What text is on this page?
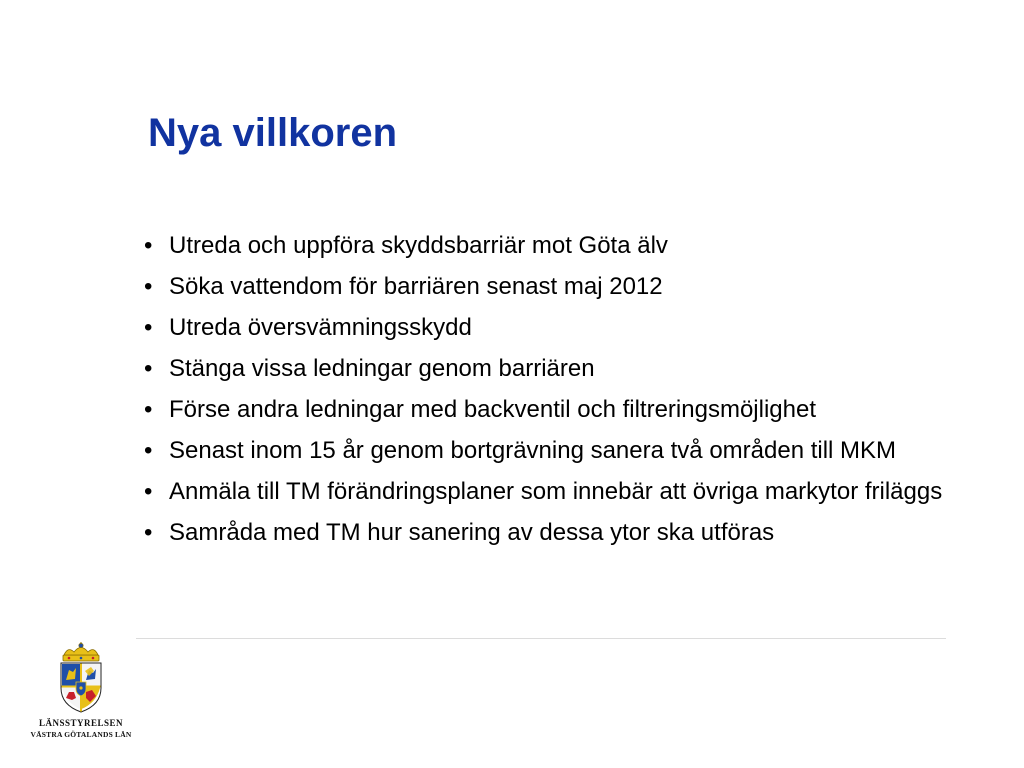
Nya villkoren
• Utreda och uppföra skyddsbarriär mot Göta älv
• Söka vattendom för barriären senast maj 2012
• Utreda översvämningsskydd
• Stänga vissa ledningar genom barriären
• Förse andra ledningar med backventil och filtreringsmöjlighet
• Senast inom 15 år genom bortgrävning sanera två områden till MKM
• Anmäla till TM förändringsplaner som innebär att övriga markytor friläggs
• Samråda med TM hur sanering av dessa ytor ska utföras
LÄNSSTYRELSEN
VÄSTRA GÖTALANDS LÄN
